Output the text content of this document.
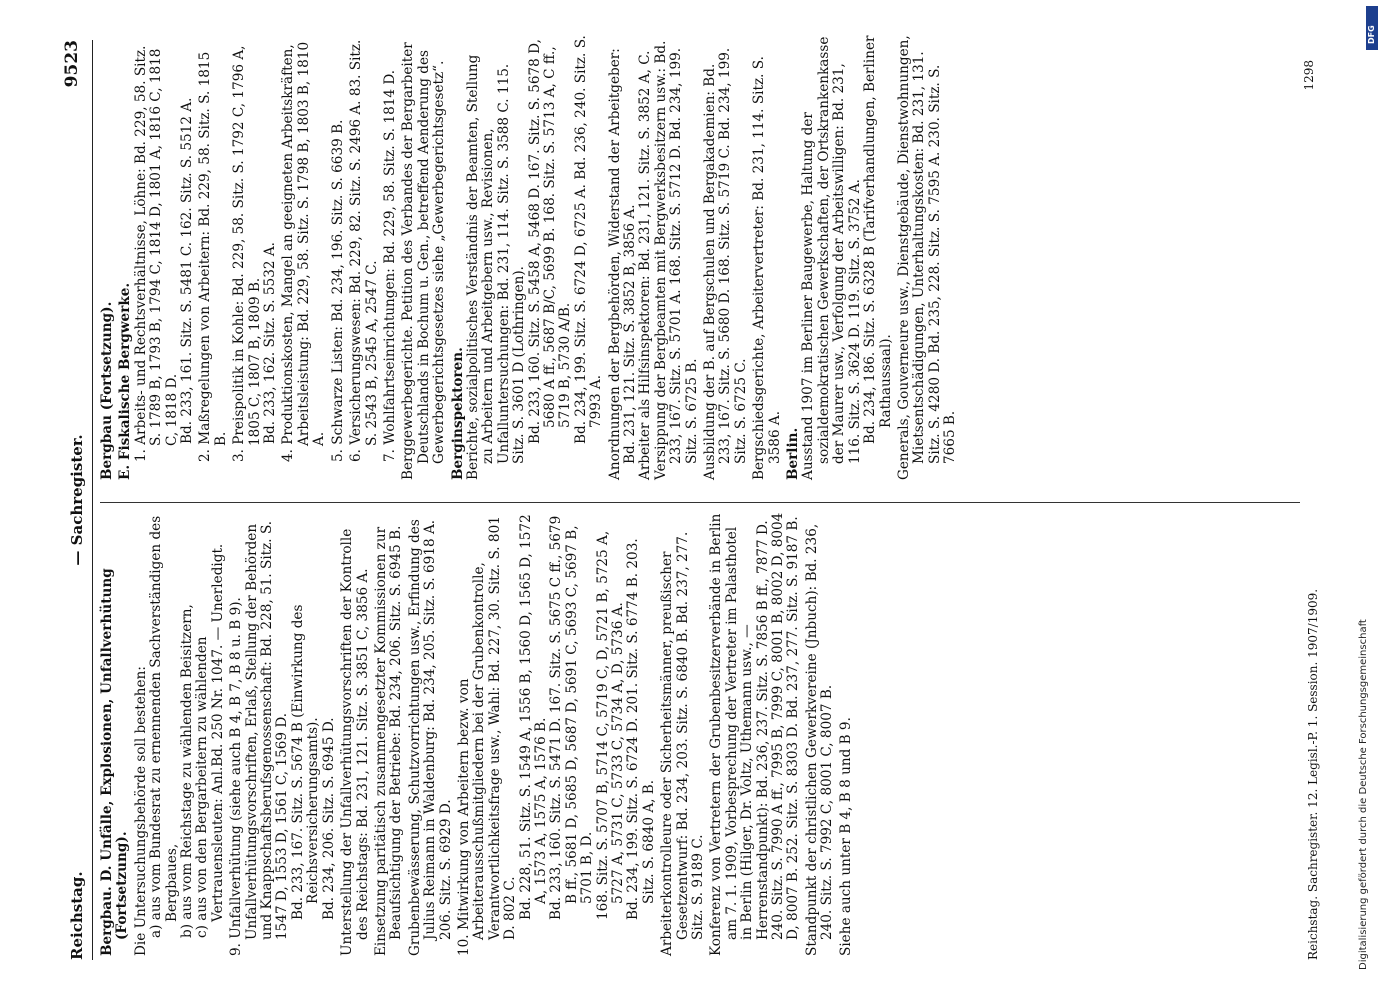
Reichstag.
— Sachregister.
9523

Bergbau. D. Unfälle, Explosionen, Unfallverhütung (Fortsetzung). Die Untersuchungsbehörde soll bestehen: a) aus vom Bundesrat zu ernennenden Sachverständigen des Bergbaues, b) aus vom Reichstage zu wählenden Beisitzern, c) aus von den Bergarbeitern zu wählenden Vertrauensleuten: Anl.Bd. 250 Nr. 1047. — Unerledigt. 9. Unfallverhütung (siehe auch B 4, B 7, B 8 u. B 9). Unfallverhütungsvorschriften, Erlaß, Stellung der Behörden und Knappschaftsberufsgenossenschaft: Bd. 228, 51. Sitz. S. 1547 D, 1553 D, 1561 C, 1569 D. Bd. 233, 167. Sitz. S. 5674 B (Einwirkung des Reichsversicherungsamts). Bd. 234, 206. Sitz. S. 6945 D. Unterstellung der Unfallverhütungsvorschriften der Kontrolle des Reichstags: Bd. 231, 121. Sitz. S. 3851 C, 3856 A. Einsetzung paritätisch zusammengesetzter Kommissionen zur Beaufsichtigung der Betriebe: Bd. 234, 206. Sitz. S. 6945 B. Grubenbewässerung, Schutzvorrichtungen usw., Erfindung des Julius Reimann in Waldenburg: Bd. 234, 205. Sitz. S. 6918 A. 206. Sitz. S. 6929 D. 10. Mitwirkung von Arbeitern bezw. von Arbeiterausschußmitgliedern bei der Grubenkontrolle, Verantwortlichkeitsfrage usw., Wahl: Bd. 227, 30. Sitz. S. 801 D. 802 C. Bd. 228, 51. Sitz. S. 1549 A, 1556 B, 1560 D, 1565 D, 1572 A, 1573 A, 1575 A, 1576 B. Bd. 233, 160. Sitz. S. 5471 D. 167. Sitz. S. 5675 C ff., 5679 B ff., 5681 D, 5685 D, 5687 D, 5691 C, 5693 C, 5697 B, 5701 B, D. 168. Sitz. S. 5707 B, 5714 C, 5719 C, D, 5721 B, 5725 A, 5727 A, 5731 C, 5733 C, 5734 A, D, 5736 A. Bd. 234, 199. Sitz. S. 6724 D. 201. Sitz. S. 6774 B. 203. Sitz. S. 6840 A, B. Arbeiterkontrolleure oder Sicherheitsmänner, preußischer Gesetzentwurf: Bd. 234, 203. Sitz. S. 6840 B. Bd. 237, 277. Sitz. S. 9189 C. Konferenz von Vertretern der Grubenbesitzerverbände in Berlin am 7. 1. 1909, Vorbesprechung der Vertreter im Palasthotel in Berlin (Hilger, Dr. Voltz, Uthemann usw., — Herrenstandpunkt): Bd. 236, 237. Sitz. S. 7856 B ff., 7877 D. 240. Sitz. S. 7990 A ff., 7995 B, 7999 C, 8001 B, 8002 D, 8004 D, 8007 B. 252. Sitz. S. 8303 D. Bd. 237, 277. Sitz. S. 9187 B. Standpunkt der christlichen Gewerkvereine (Jnbuch): Bd. 236, 240. Sitz. S. 7992 C, 8001 C, 8007 B. Siehe auch unter B 4, B 8 und B 9.

Bergbau (Fortsetzung). E. Fiskalische Bergwerke. 1. Arbeits- und Rechtsverhältnisse, Löhne: Bd. 229, 58. Sitz. S. 1789 B, 1793 B, 1794 C, 1814 D, 1801 A, 1816 C, 1818 C, 1818 D. Bd. 233, 161. Sitz. S. 5481 C. 162. Sitz. S. 5512 A. 2. Maßregelungen von Arbeitern: Bd. 229, 58. Sitz. S. 1815 B. 3. Preispolitik in Kohle: Bd. 229, 58. Sitz. S. 1792 C, 1796 A, 1805 C, 1807 B, 1809 B. Bd. 233, 162. Sitz. S. 5532 A. 4. Produktionskosten, Mangel an geeigneten Arbeitskräften, Arbeitsleistung: Bd. 229, 58. Sitz. S. 1798 B, 1803 B, 1810 A. 5. Schwarze Listen: Bd. 234, 196. Sitz. S. 6639 B. 6. Versicherungswesen: Bd. 229, 82. Sitz. S. 2496 A. 83. Sitz. S. 2543 B, 2545 A, 2547 C. 7. Wohlfahrtseinrichtungen: Bd. 229, 58. Sitz. S. 1814 D. Berggewerbegerichte. Petition des Verbandes der Bergarbeiter Deutschlands in Bochum u. Gen., betreffend Aenderung des Gewerbegerichtsgesetzes siehe „Gewerbegerichtsgesetz“. Berginspektoren. Berichte, sozialpolitisches Verständnis der Beamten, Stellung zu Arbeitern und Arbeitgebern usw., Revisionen, Unfalluntersuchungen: Bd. 231, 114. Sitz. S. 3588 C. 115. Sitz. S. 3601 D (Lothringen). Bd. 233, 160. Sitz. S. 5458 A, 5468 D. 167. Sitz. S. 5678 D, 5680 A ff., 5687 B/C, 5699 B. 168. Sitz. S. 5713 A, C ff., 5719 B, 5730 A/B. Bd. 234, 199. Sitz. S. 6724 D, 6725 A. Bd. 236, 240. Sitz. S. 7993 A. Anordnungen der Bergbehörden, Widerstand der Arbeitgeber: Bd. 231, 121. Sitz. S. 3852 B, 3856 A. Arbeiter als Hilfsinspektoren: Bd. 231, 121. Sitz. S. 3852 A, C. Versippung der Bergbeamten mit Bergwerksbesitzern usw.: Bd. 233, 167. Sitz. S. 5701 A. 168. Sitz. S. 5712 D. Bd. 234, 199. Sitz. S. 6725 B. Ausbildung der B. auf Bergschulen und Bergakademien: Bd. 233, 167. Sitz. S. 5680 D. 168. Sitz. S. 5719 C. Bd. 234, 199. Sitz. S. 6725 C. Bergschiedsgerichte, Arbeitervertreter: Bd. 231, 114. Sitz. S. 3586 A. Berlin. Ausstand 1907 im Berliner Baugewerbe, Haltung der sozialdemokratischen Gewerkschaften, der Ortskrankenkasse der Maurer usw., Verfolgung der Arbeitswilligen: Bd. 231, 116. Sitz. S. 3624 D. 119. Sitz. S. 3752 A. Bd. 234, 186. Sitz. S. 6328 B (Tarifverhandlungen, Berliner Rathaussaal). Generals, Gouverneure usw., Dienstgebäude, Dienstwohnungen, Mietsentschädigungen, Unterhaltungskosten: Bd. 231, 131. Sitz. S. 4280 D. Bd. 235, 228. Sitz. S. 7595 A. 230. Sitz. S. 7665 B.

Reichstag. Sachregister. 12. Legisl.-P. 1. Session. 1907/1909.
1298
Digitalisierung gefördert durch die Deutsche Forschungsgemeinschaft
DFG
